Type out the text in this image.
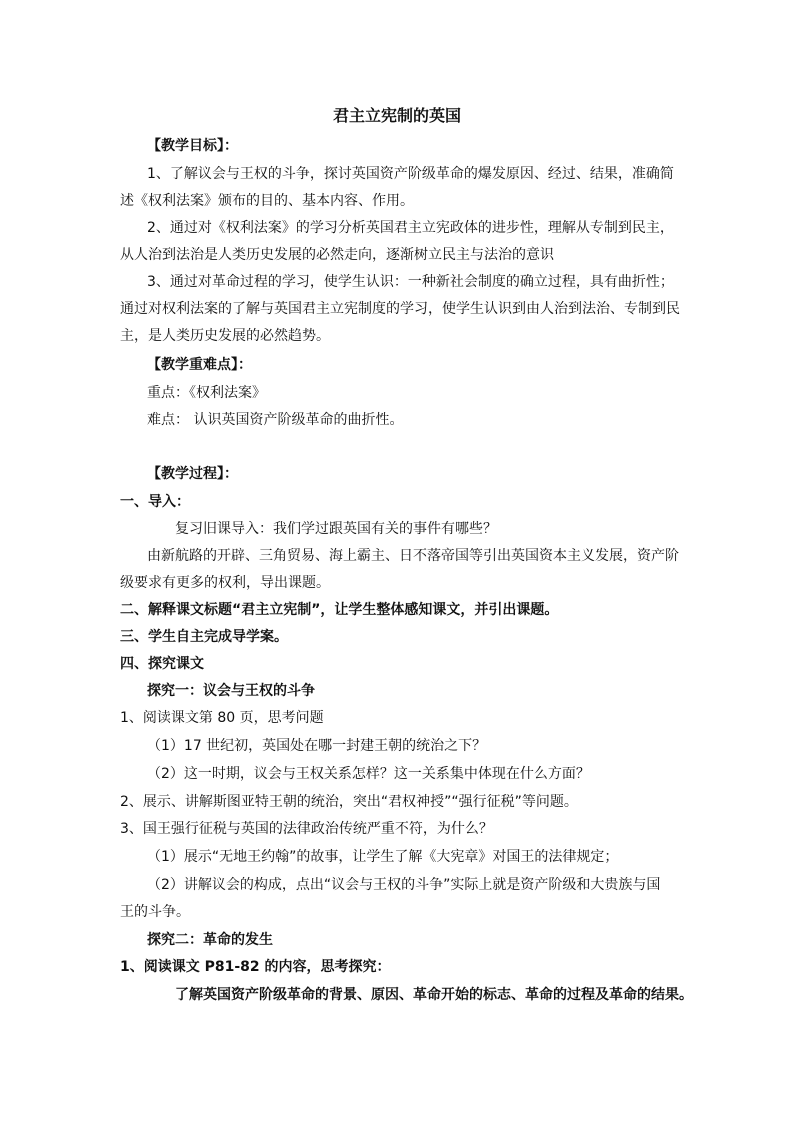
君主立宪制的英国
【教学目标】：
1、了解议会与王权的斗争，探讨英国资产阶级革命的爆发原因、经过、结果，准确简
述《权利法案》颁布的目的、基本内容、作用。
2、通过对《权利法案》的学习分析英国君主立宪政体的进步性，理解从专制到民主，
从人治到法治是人类历史发展的必然走向，逐渐树立民主与法治的意识
3、通过对革命过程的学习，使学生认识：一种新社会制度的确立过程，具有曲折性；
通过对权利法案的了解与英国君主立宪制度的学习，使学生认识到由人治到法治、专制到民
主，是人类历史发展的必然趋势。
【教学重难点】：
重点：《权利法案》
难点： 认识英国资产阶级革命的曲折性。
【教学过程】：
一、导入：
复习旧课导入：我们学过跟英国有关的事件有哪些？
由新航路的开辟、三角贸易、海上霸主、日不落帝国等引出英国资本主义发展，资产阶
级要求有更多的权利，导出课题。
二、解释课文标题“君主立宪制”，让学生整体感知课文，并引出课题。
三、学生自主完成导学案。
四、探究课文
探究一：议会与王权的斗争
1、阅读课文第 80 页，思考问题
（1）17 世纪初，英国处在哪一封建王朝的统治之下？
（2）这一时期，议会与王权关系怎样？这一关系集中体现在什么方面？
2、展示、讲解斯图亚特王朝的统治，突出“君权神授”“强行征税”等问题。
3、国王强行征税与英国的法律政治传统严重不符，为什么？
（1）展示“无地王约翰”的故事，让学生了解《大宪章》对国王的法律规定；
（2）讲解议会的构成，点出“议会与王权的斗争”实际上就是资产阶级和大贵族与国
王的斗争。
探究二：革命的发生
1、阅读课文 P81-82 的内容，思考探究：
了解英国资产阶级革命的背景、原因、革命开始的标志、革命的过程及革命的结果。
